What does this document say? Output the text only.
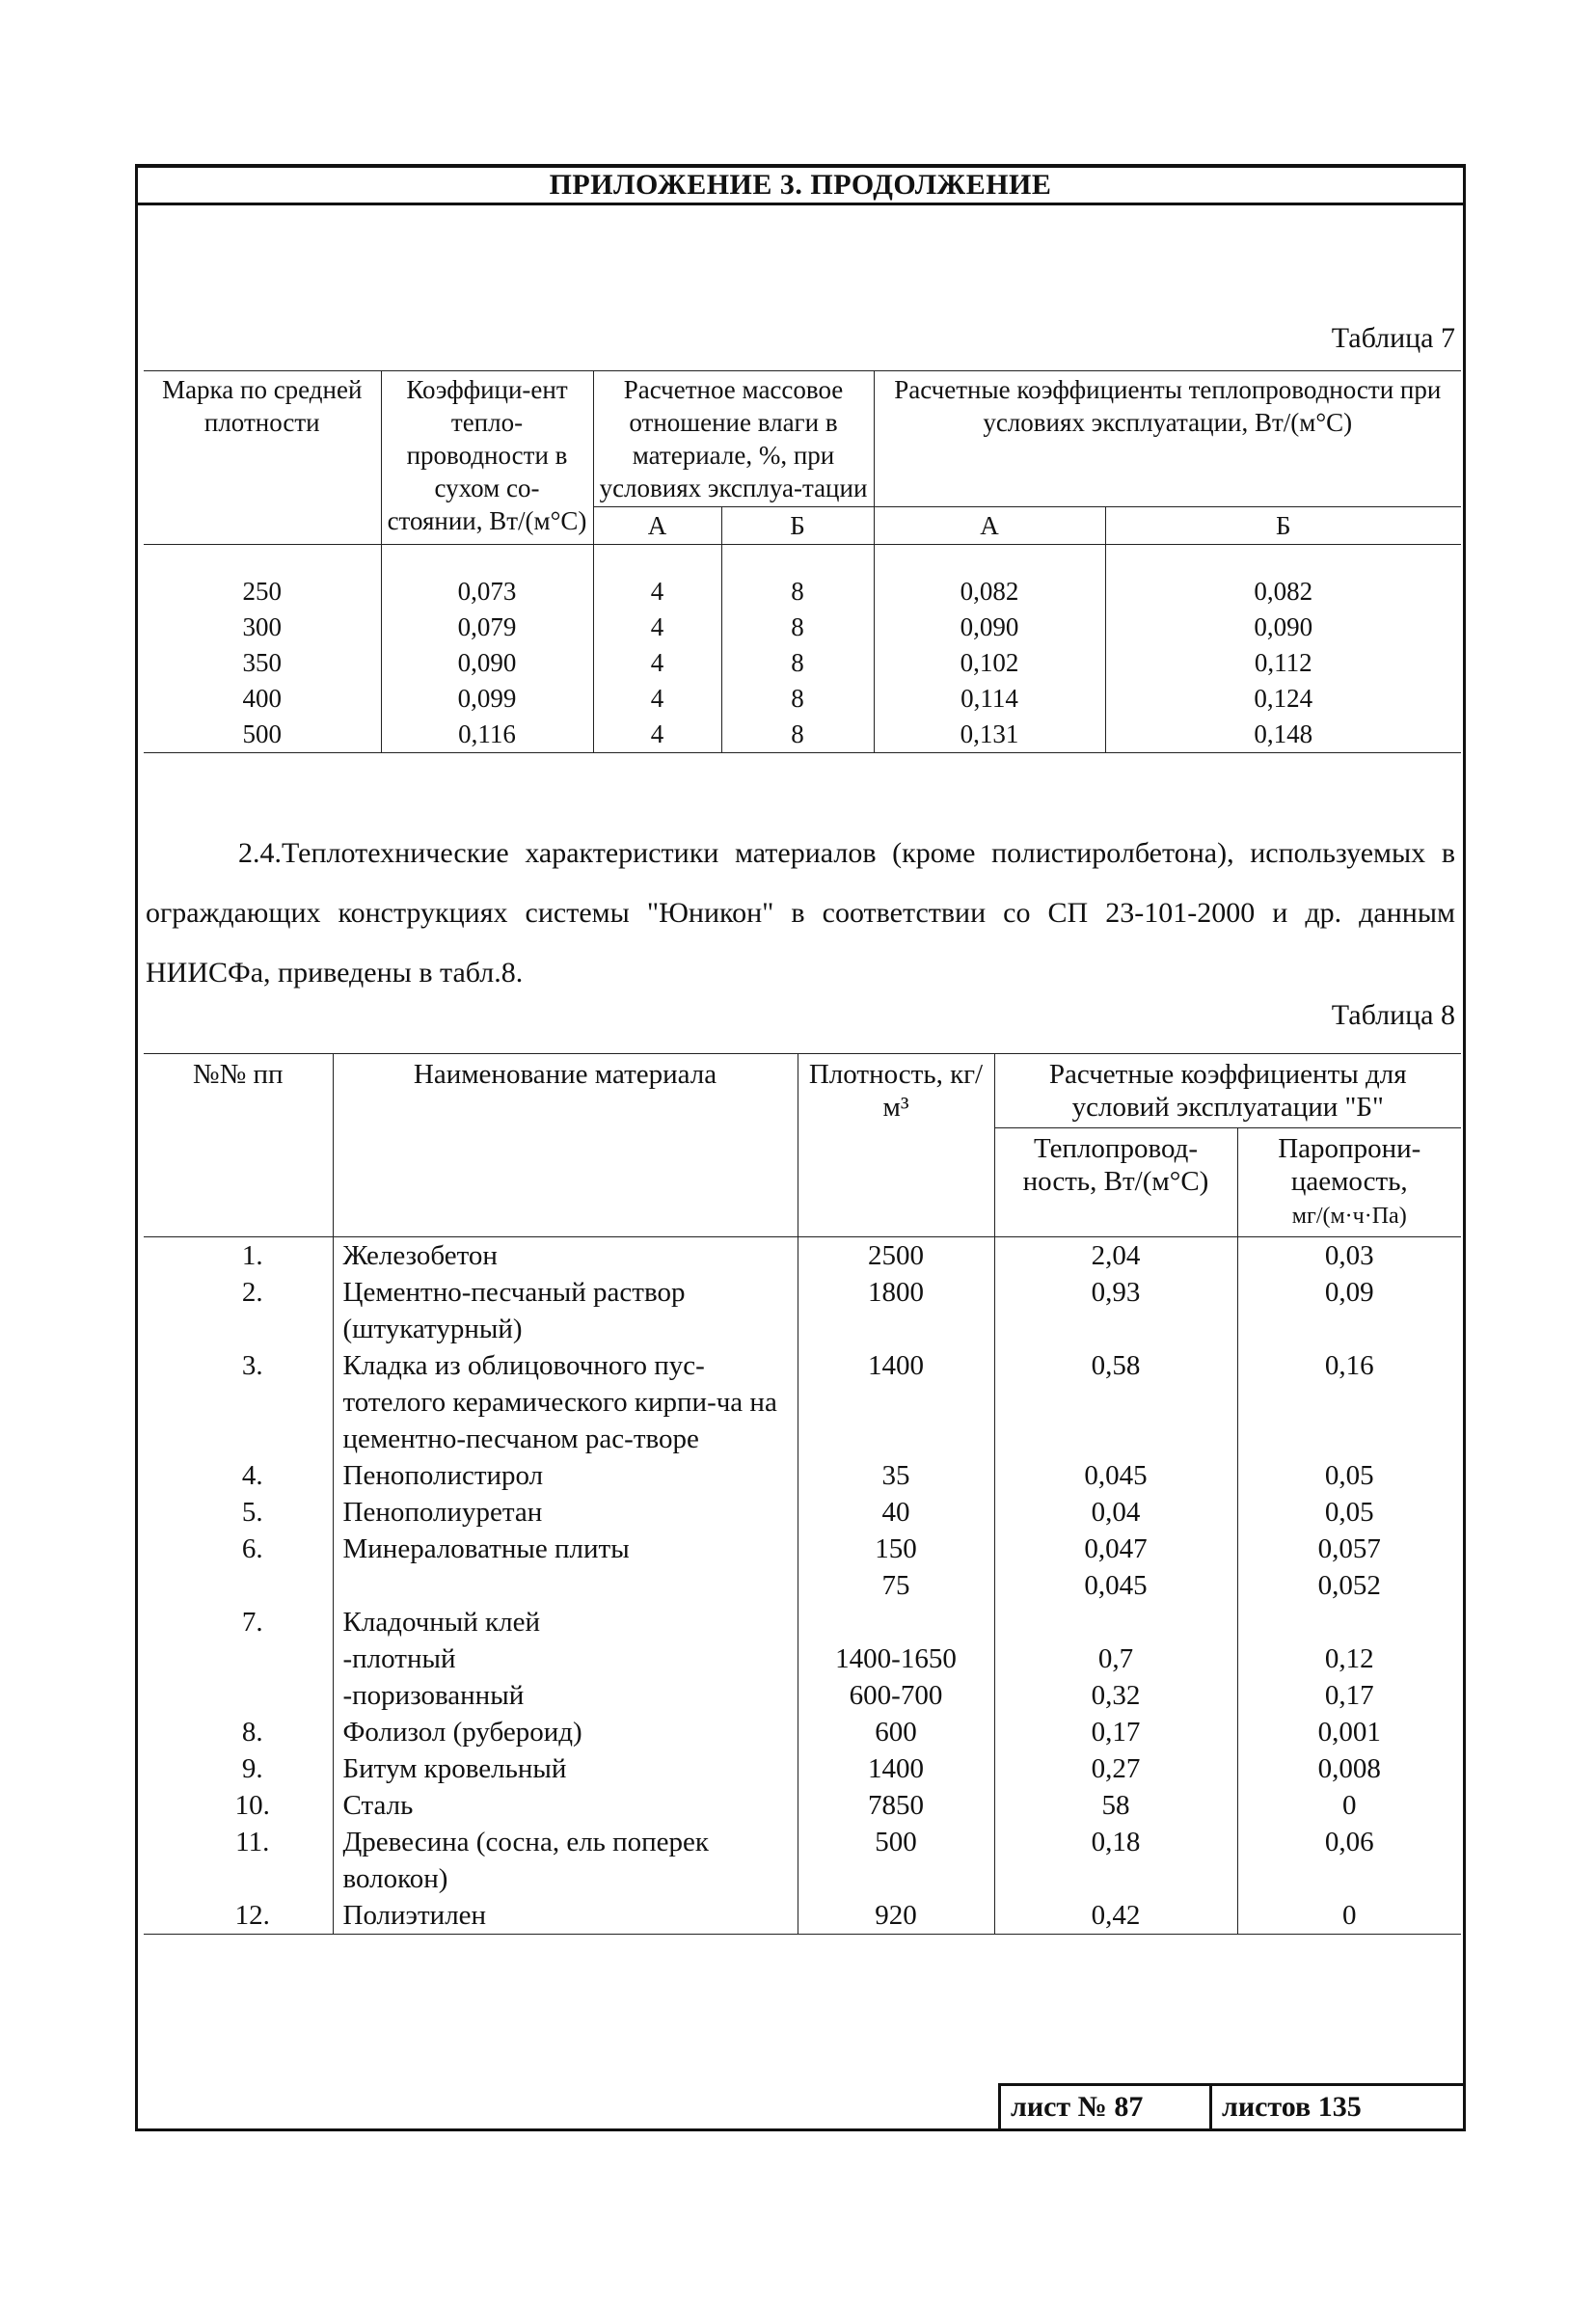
ПРИЛОЖЕНИЕ 3. ПРОДОЛЖЕНИЕ
Таблица 7
Марка по средней плотности	Коэффици-ент тепло-проводности в сухом со-стоянии, Вт/(м°С)	Расчетное массовое отношение влаги в материале, %, при условиях эксплуа-тации		Расчетные коэффициенты теплопроводности при условиях эксплуатации, Вт/(м°С)	
		А	Б	А	Б

250	0,073	4	8	0,082	0,082
300	0,079	4	8	0,090	0,090
350	0,090	4	8	0,102	0,112
400	0,099	4	8	0,114	0,124
500	0,116	4	8	0,131	0,148
2.4.Теплотехнические характеристики материалов (кроме полистиролбетона), используемых в ограждающих конструкциях системы "Юникон" в соответствии со СП 23-101-2000 и др. данным НИИСФа, приведены в табл.8.
Таблица 8
№№ пп	Наименование материала	Плотность, кг/м³	Расчетные коэффициенты для условий эксплуатации "Б"	
			Теплопровод-ность, Вт/(м°С)	Паропрони-цаемость,
мг/(м·ч·Па)
1.	Железобетон	2500	2,04	0,03
2.	Цементно-песчаный раствор (штукатурный)	1800	0,93	0,09
3.	Кладка из облицовочного пус-тотелого керамического кирпи-ча на цементно-песчаном рас-творе	1400	0,58	0,16
4.	Пенополистирол	35	0,045	0,05
5.	Пенополиуретан	40	0,04	0,05
6.	Минераловатные плиты	150	0,047	0,057
		75	0,045	0,052
7.	Кладочный клей			
	-плотный	1400-1650	0,7	0,12
	-поризованный	600-700	0,32	0,17
8.	Фолизол (рубероид)	600	0,17	0,001
9.	Битум кровельный	1400	0,27	0,008
10.	Сталь	7850	58	0
11.	Древесина (сосна, ель поперек волокон)	500	0,18	0,06
12.	Полиэтилен	920	0,42	0
лист № 87	листов 135
